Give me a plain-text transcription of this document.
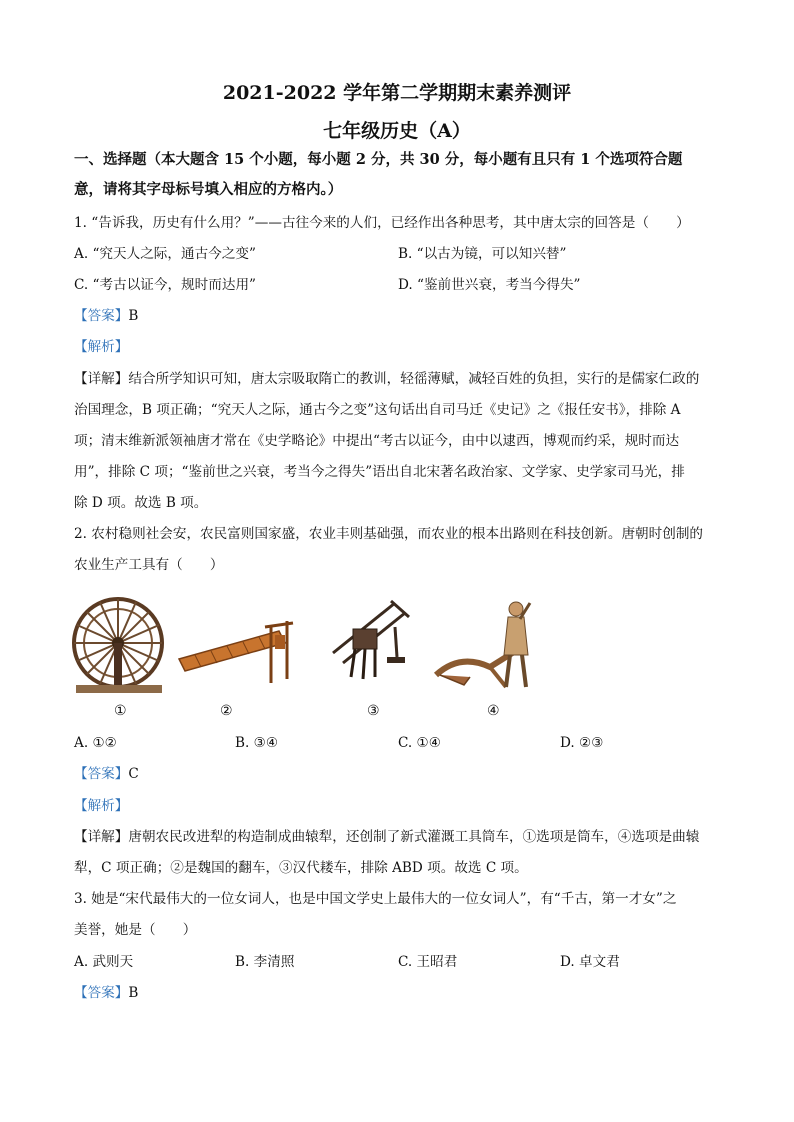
2021-2022 学年第二学期期末素养测评
七年级历史（A）
一、选择题（本大题含 15 个小题，每小题 2 分，共 30 分，每小题有且只有 1 个选项符合题
意，请将其字母标号填入相应的方格内。）
1. “告诉我，历史有什么用？”——古往今来的人们，已经作出各种思考，其中唐太宗的回答是（　　）
A. “究天人之际，通古今之变”	B. “以古为镜，可以知兴替”
C. “考古以证今，规时而达用”	D. “鉴前世兴衰，考当今得失”
【答案】B
【解析】
【详解】结合所学知识可知，唐太宗吸取隋亡的教训，轻徭薄赋，减轻百姓的负担，实行的是儒家仁政的
治国理念，B 项正确；“究天人之际，通古今之变”这句话出自司马迁《史记》之《报任安书》，排除 A
项；清末维新派领袖唐才常在《史学略论》中提出“考古以证今，由中以逮西，博观而约采，规时而达
用”，排除 C 项；“鉴前世之兴衰，考当今之得失”语出自北宋著名政治家、文学家、史学家司马光，排
除 D 项。故选 B 项。
2. 农村稳则社会安，农民富则国家盛，农业丰则基础强，而农业的根本出路则在科技创新。唐朝时创制的
农业生产工具有（　　）
①	②	③	④
A. ①②	B. ③④	C. ①④	D. ②③
【答案】C
【解析】
【详解】唐朝农民改进犁的构造制成曲辕犁，还创制了新式灌溉工具筒车，①选项是筒车，④选项是曲辕
犁，C 项正确；②是魏国的翻车，③汉代耧车，排除 ABD 项。故选 C 项。
3. 她是“宋代最伟大的一位女词人，也是中国文学史上最伟大的一位女词人”，有“千古，第一才女”之
美誉，她是（　　）
A. 武则天	B. 李清照	C. 王昭君	D. 卓文君
【答案】B
